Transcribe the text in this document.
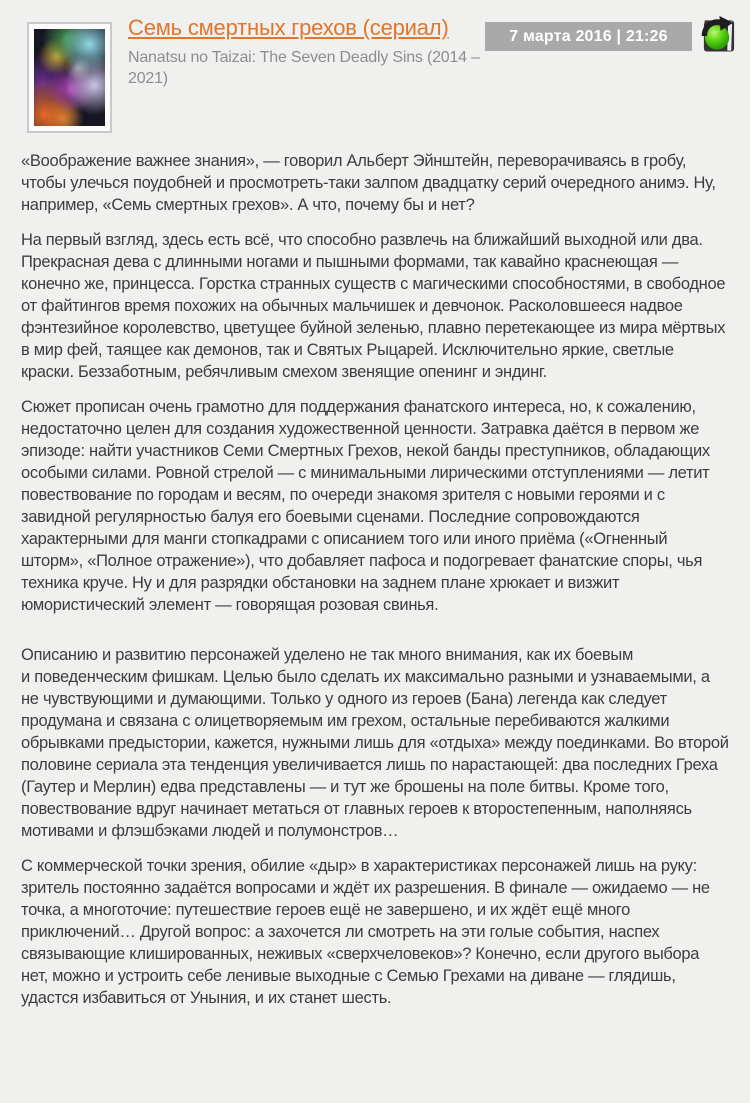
Семь смертных грехов (сериал)
Nanatsu no Taizai: The Seven Deadly Sins (2014 – 2021)
7 марта 2016 | 21:26

«Воображение важнее знания», — говорил Альберт Эйнштейн, переворачиваясь в гробу, чтобы улечься поудобней и просмотреть-таки залпом двадцатку серий очередного анимэ. Ну, например, «Семь смертных грехов». А что, почему бы и нет?

На первый взгляд, здесь есть всё, что способно развлечь на ближайший выходной или два. Прекрасная дева с длинными ногами и пышными формами, так кавайно краснеющая — конечно же, принцесса. Горстка странных существ с магическими способностями, в свободное от файтингов время похожих на обычных мальчишек и девчонок. Расколовшееся надвое фэнтезийное королевство, цветущее буйной зеленью, плавно перетекающее из мира мёртвых в мир фей, таящее как демонов, так и Святых Рыцарей. Исключительно яркие, светлые краски. Беззаботным, ребячливым смехом звенящие опенинг и эндинг.

Сюжет прописан очень грамотно для поддержания фанатского интереса, но, к сожалению, недостаточно целен для создания художественной ценности. Затравка даётся в первом же эпизоде: найти участников Семи Смертных Грехов, некой банды преступников, обладающих особыми силами. Ровной стрелой — с минимальными лирическими отступлениями — летит повествование по городам и весям, по очереди знакомя зрителя с новыми героями и с завидной регулярностью балуя его боевыми сценами. Последние сопровождаются характерными для манги стопкадрами с описанием того или иного приёма («Огненный шторм», «Полное отражение»), что добавляет пафоса и подогревает фанатские споры, чья техника круче. Ну и для разрядки обстановки на заднем плане хрюкает и визжит юмористический элемент — говорящая розовая свинья.

Описанию и развитию персонажей уделено не так много внимания, как их боевым и поведенческим фишкам. Целью было сделать их максимально разными и узнаваемыми, а не чувствующими и думающими. Только у одного из героев (Бана) легенда как следует продумана и связана с олицетворяемым им грехом, остальные перебиваются жалкими обрывками предыстории, кажется, нужными лишь для «отдыха» между поединками. Во второй половине сериала эта тенденция увеличивается лишь по нарастающей: два последних Греха (Гаутер и Мерлин) едва представлены — и тут же брошены на поле битвы. Кроме того, повествование вдруг начинает метаться от главных героев к второстепенным, наполняясь мотивами и флэшбэками людей и полумонстров…

С коммерческой точки зрения, обилие «дыр» в характеристиках персонажей лишь на руку: зритель постоянно задаётся вопросами и ждёт их разрешения. В финале — ожидаемо — не точка, а многоточие: путешествие героев ещё не завершено, и их ждёт ещё много приключений… Другой вопрос: а захочется ли смотреть на эти голые события, наспех связывающие клишированных, неживых «сверхчеловеков»? Конечно, если другого выбора нет, можно и устроить себе ленивые выходные с Семью Грехами на диване — глядишь, удастся избавиться от Уныния, и их станет шесть.
